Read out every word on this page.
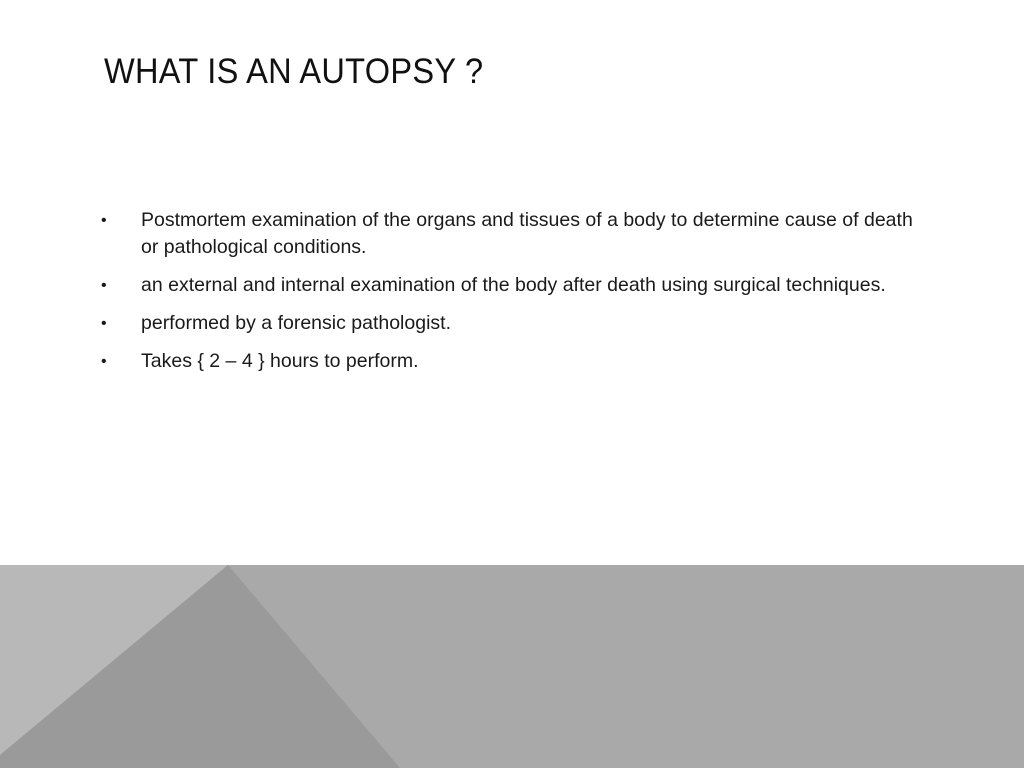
WHAT IS AN AUTOPSY ?
• Postmortem examination of the organs and tissues of a body to determine cause of death or pathological conditions.
• an external and internal examination of the body after death using surgical techniques.
• performed by a forensic pathologist.
• Takes { 2 – 4 } hours to perform.
